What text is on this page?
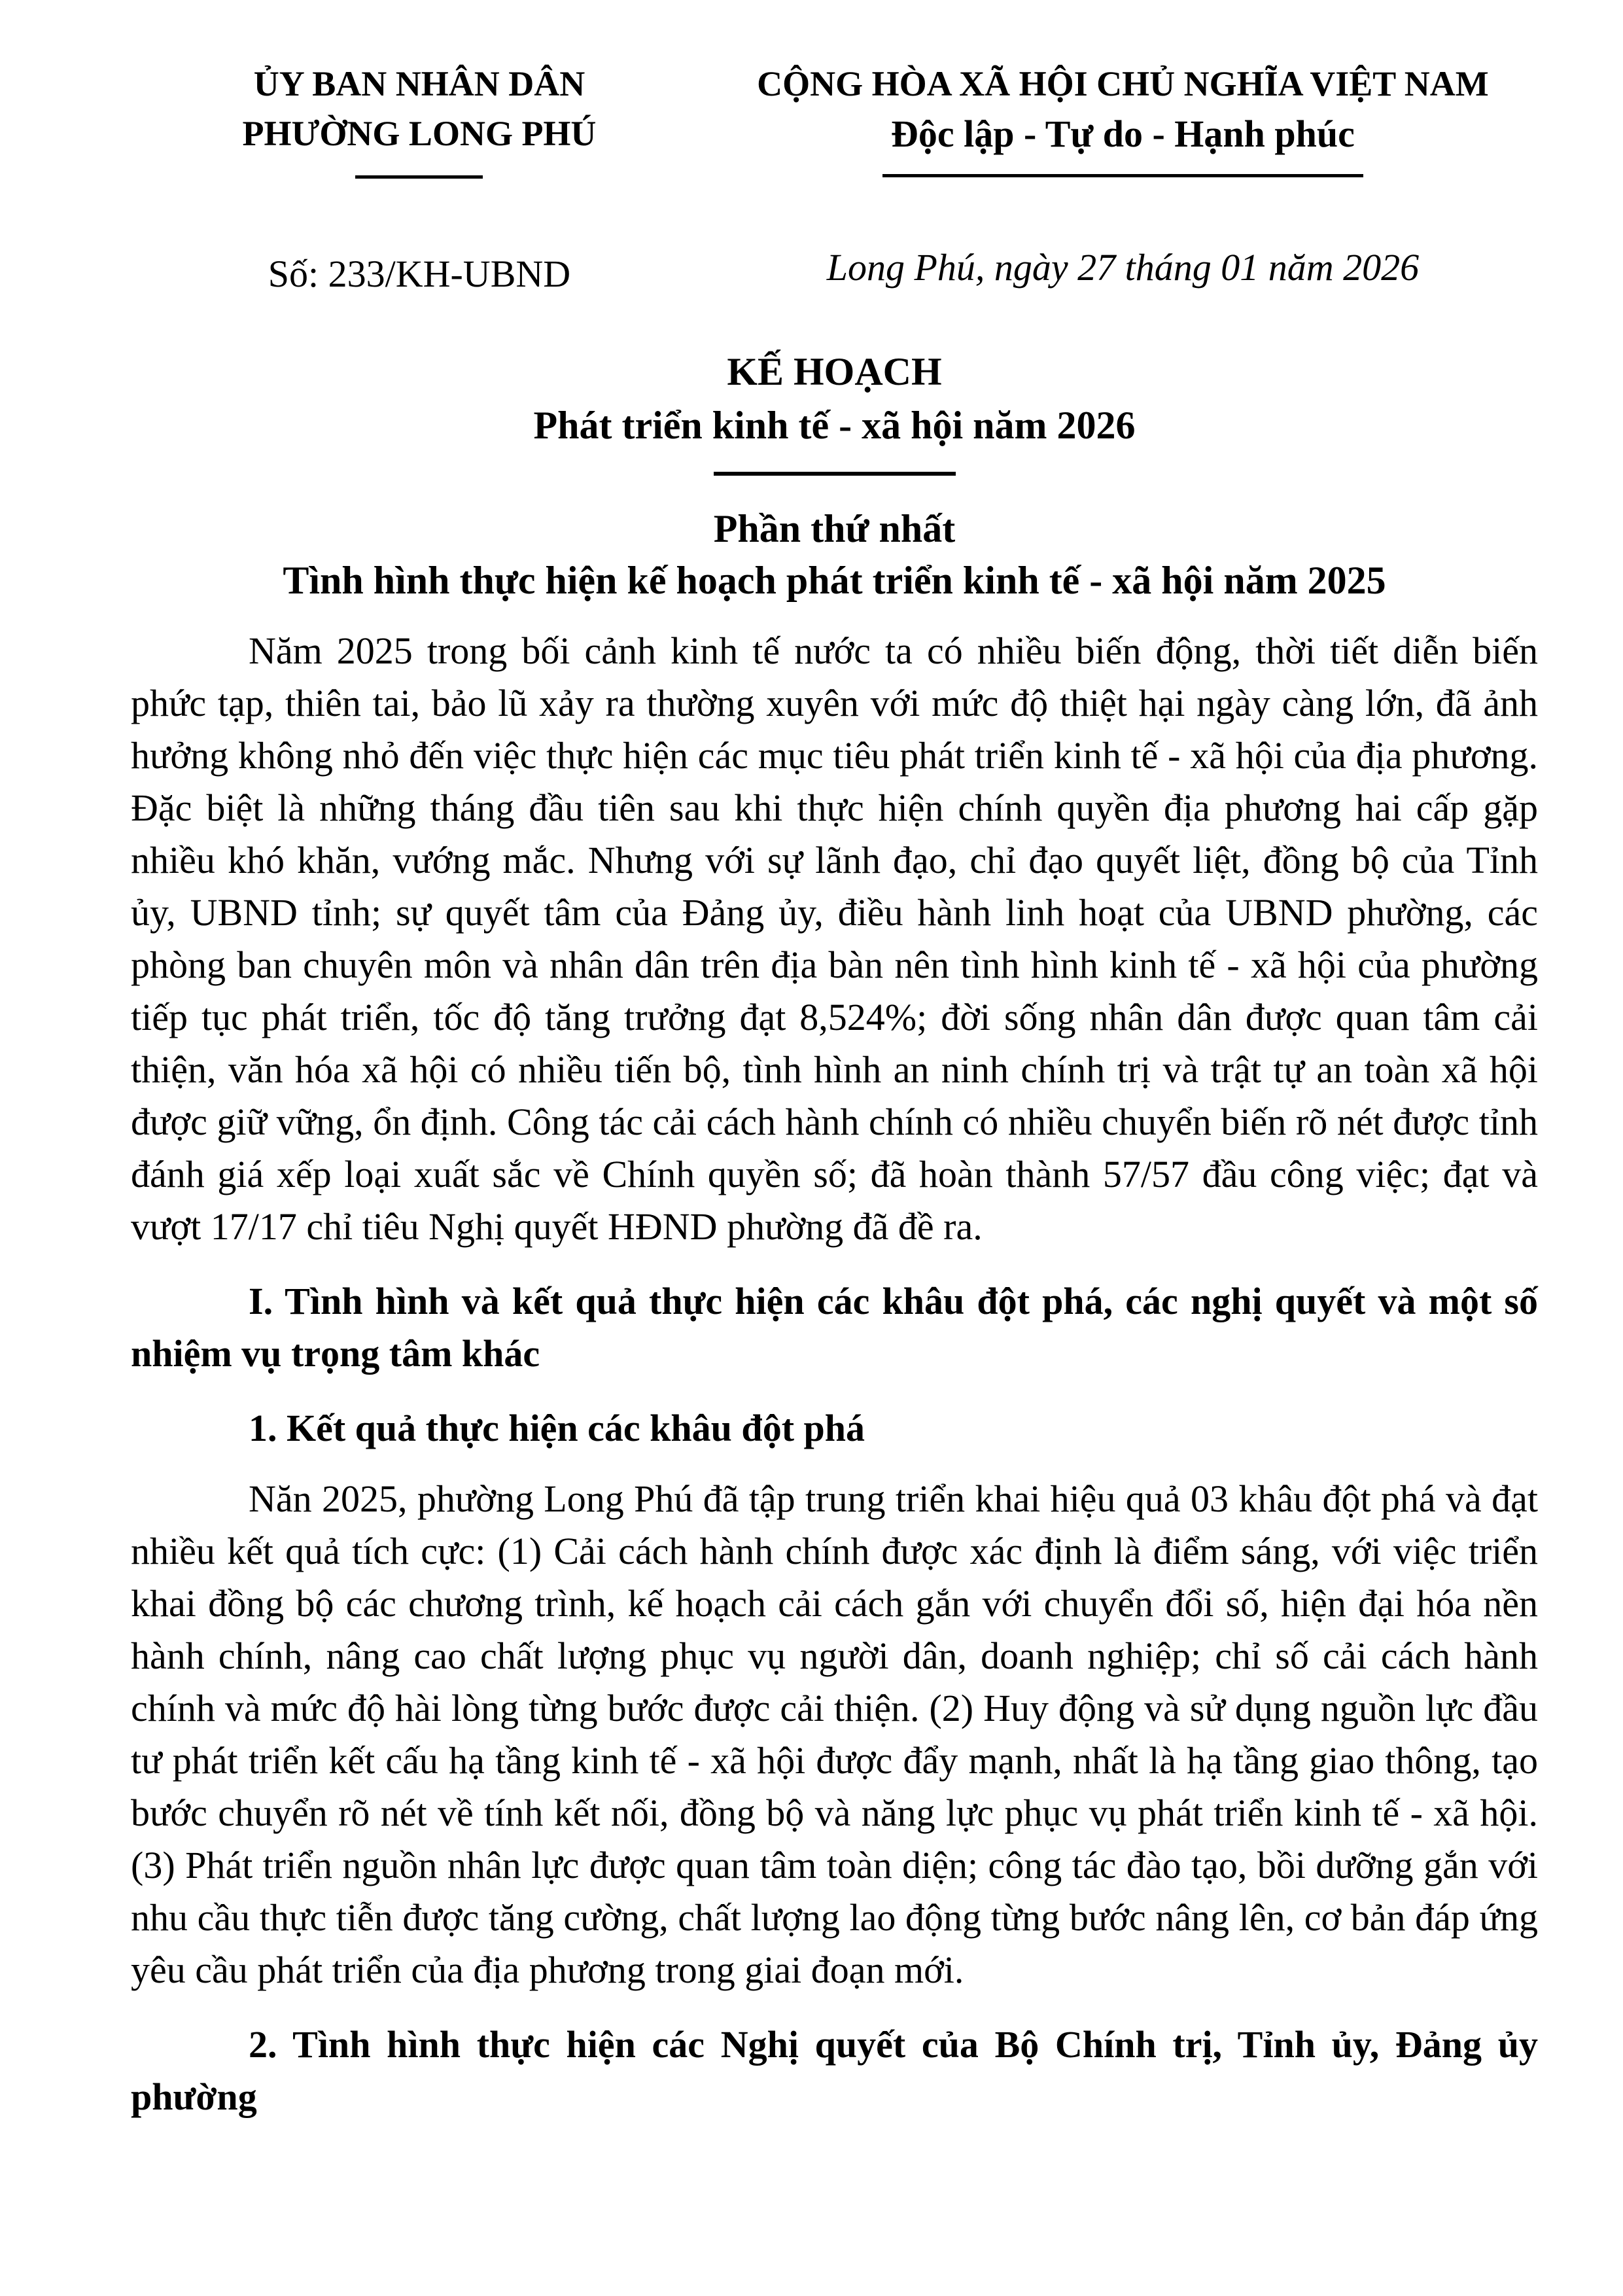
ỦY BAN NHÂN DÂN
PHƯỜNG LONG PHÚ
Số: 233/KH-UBND
CỘNG HÒA XÃ HỘI CHỦ NGHĨA VIỆT NAM
Độc lập - Tự do - Hạnh phúc
Long Phú, ngày 27 tháng 01 năm 2026
KẾ HOẠCH
Phát triển kinh tế - xã hội năm 2026
Phần thứ nhất
Tình hình thực hiện kế hoạch phát triển kinh tế - xã hội năm 2025

Năm 2025 trong bối cảnh kinh tế nước ta có nhiều biến động, thời tiết diễn biến phức tạp, thiên tai, bảo lũ xảy ra thường xuyên với mức độ thiệt hại ngày càng lớn, đã ảnh hưởng không nhỏ đến việc thực hiện các mục tiêu phát triển kinh tế - xã hội của địa phương. Đặc biệt là những tháng đầu tiên sau khi thực hiện chính quyền địa phương hai cấp gặp nhiều khó khăn, vướng mắc. Nhưng với sự lãnh đạo, chỉ đạo quyết liệt, đồng bộ của Tỉnh ủy, UBND tỉnh; sự quyết tâm của Đảng ủy, điều hành linh hoạt của UBND phường, các phòng ban chuyên môn và nhân dân trên địa bàn nên tình hình kinh tế - xã hội của phường tiếp tục phát triển, tốc độ tăng trưởng đạt 8,524%; đời sống nhân dân được quan tâm cải thiện, văn hóa xã hội có nhiều tiến bộ, tình hình an ninh chính trị và trật tự an toàn xã hội được giữ vững, ổn định. Công tác cải cách hành chính có nhiều chuyển biến rõ nét được tỉnh đánh giá xếp loại xuất sắc về Chính quyền số; đã hoàn thành 57/57 đầu công việc; đạt và vượt 17/17 chỉ tiêu Nghị quyết HĐND phường đã đề ra.

I. Tình hình và kết quả thực hiện các khâu đột phá, các nghị quyết và một số nhiệm vụ trọng tâm khác

1. Kết quả thực hiện các khâu đột phá

Năn 2025, phường Long Phú đã tập trung triển khai hiệu quả 03 khâu đột phá và đạt nhiều kết quả tích cực: (1) Cải cách hành chính được xác định là điểm sáng, với việc triển khai đồng bộ các chương trình, kế hoạch cải cách gắn với chuyển đổi số, hiện đại hóa nền hành chính, nâng cao chất lượng phục vụ người dân, doanh nghiệp; chỉ số cải cách hành chính và mức độ hài lòng từng bước được cải thiện. (2) Huy động và sử dụng nguồn lực đầu tư phát triển kết cấu hạ tầng kinh tế - xã hội được đẩy mạnh, nhất là hạ tầng giao thông, tạo bước chuyển rõ nét về tính kết nối, đồng bộ và năng lực phục vụ phát triển kinh tế - xã hội. (3) Phát triển nguồn nhân lực được quan tâm toàn diện; công tác đào tạo, bồi dưỡng gắn với nhu cầu thực tiễn được tăng cường, chất lượng lao động từng bước nâng lên, cơ bản đáp ứng yêu cầu phát triển của địa phương trong giai đoạn mới.

2. Tình hình thực hiện các Nghị quyết của Bộ Chính trị, Tỉnh ủy, Đảng ủy phường
